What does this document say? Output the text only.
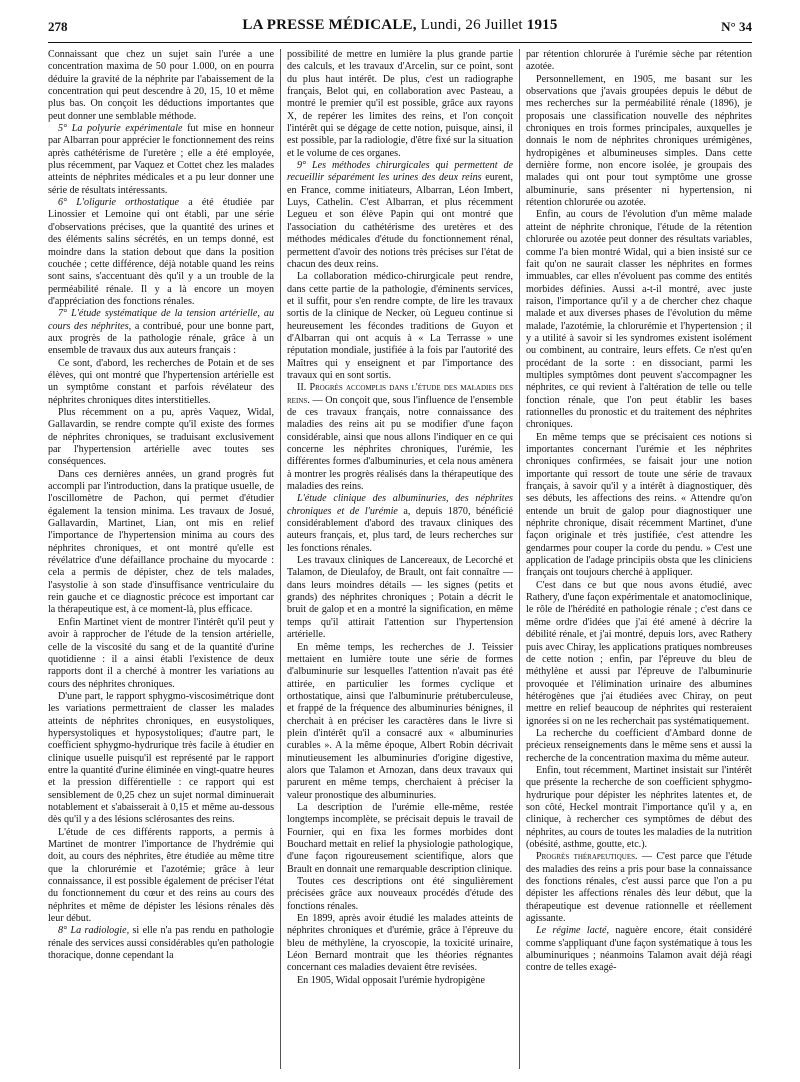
278	LA PRESSE MÉDICALE, Lundi, 26 Juillet 1915	N° 34

Connaissant que chez un sujet sain l'urée a une concentration maxima de 50 pour 1.000, on en pourra déduire la gravité de la néphrite par l'abaissement de la concentration qui peut descendre à 20, 15, 10 et même plus bas. On conçoit les déductions importantes que peut donner une semblable méthode.

5° La polyurie expérimentale fut mise en honneur par Albarran pour apprécier le fonctionnement des reins après cathétérisme de l'uretère ; elle a été employée, plus récemment, par Vaquez et Cottet chez les malades atteints de néphrites médicales et a pu leur donner une série de résultats intéressants.

6° L'oligurie orthostatique a été étudiée par Linossier et Lemoine qui ont établi, par une série d'observations précises, que la quantité des urines et des éléments salins sécrétés, en un temps donné, est moindre dans la station debout que dans la position couchée ; cette différence, déjà notable quand les reins sont sains, s'accentuant dès qu'il y a un trouble de la perméabilité rénale. Il y a là encore un moyen d'appréciation des fonctions rénales.

7° L'étude systématique de la tension artérielle, au cours des néphrites, a contribué, pour une bonne part, aux progrès de la pathologie rénale, grâce à un ensemble de travaux dus aux auteurs français :

Ce sont, d'abord, les recherches de Potain et de ses élèves, qui ont montré que l'hypertension artérielle est un symptôme constant et parfois révélateur des néphrites chroniques dites interstitielles.

Plus récemment on a pu, après Vaquez, Widal, Gallavardin, se rendre compte qu'il existe des formes de néphrites chroniques, se traduisant exclusivement par l'hypertension artérielle avec toutes ses conséquences.

Dans ces dernières années, un grand progrès fut accompli par l'introduction, dans la pratique usuelle, de l'oscillomètre de Pachon, qui permet d'étudier également la tension minima. Les travaux de Josué, Gallavardin, Martinet, Lian, ont mis en relief l'importance de l'hypertension minima au cours des néphrites chroniques, et ont montré qu'elle est révélatrice d'une défaillance prochaine du myocarde : cela a permis de dépister, chez de tels malades, l'asystolie à son stade d'insuffisance ventriculaire du rein gauche et ce diagnostic précoce est important car la thérapeutique est, à ce moment-là, plus efficace.

Enfin Martinet vient de montrer l'intérêt qu'il peut y avoir à rapprocher de l'étude de la tension artérielle, celle de la viscosité du sang et de la quantité d'urine quotidienne : il a ainsi établi l'existence de deux rapports dont il a cherché à montrer les variations au cours des néphrites chroniques.

D'une part, le rapport sphygmo-viscosimétrique dont les variations permettraient de classer les malades atteints de néphrites chroniques, en eusystoliques, hypersystoliques et hyposystoliques; d'autre part, le coefficient sphygmo-hydrurique très facile à étudier en clinique usuelle puisqu'il est représenté par le rapport entre la quantité d'urine éliminée en vingt-quatre heures et la pression différentielle : ce rapport qui est sensiblement de 0,25 chez un sujet normal diminuerait notablement et s'abaisserait à 0,15 et même au-dessous dès qu'il y a des lésions sclérosantes des reins.

L'étude de ces différents rapports, a permis à Martinet de montrer l'importance de l'hydrémie qui doit, au cours des néphrites, être étudiée au même titre que la chlorurémie et l'azotémie; grâce à leur connaissance, il est possible également de préciser l'état du fonctionnement du cœur et des reins au cours des néphrites et même de dépister les lésions rénales dès leur début.

8° La radiologie, si elle n'a pas rendu en pathologie rénale des services aussi considérables qu'en pathologie thoracique, donne cependant la

possibilité de mettre en lumière la plus grande partie des calculs, et les travaux d'Arcelin, sur ce point, sont du plus haut intérêt. De plus, c'est un radiographe français, Belot qui, en collaboration avec Pasteau, a montré le premier qu'il est possible, grâce aux rayons X, de repérer les limites des reins, et l'on conçoit l'intérêt qui se dégage de cette notion, puisque, ainsi, il est possible, par la radiologie, d'être fixé sur la situation et le volume de ces organes.

9° Les méthodes chirurgicales qui permettent de recueillir séparément les urines des deux reins eurent, en France, comme initiateurs, Albarran, Léon Imbert, Luys, Cathelin. C'est Albarran, et plus récemment Legueu et son élève Papin qui ont montré que l'association du cathétérisme des uretères et des méthodes médicales d'étude du fonctionnement rénal, permettent d'avoir des notions très précises sur l'état de chacun des deux reins.

La collaboration médico-chirurgicale peut rendre, dans cette partie de la pathologie, d'éminents services, et il suffit, pour s'en rendre compte, de lire les travaux sortis de la clinique de Necker, où Legueu continue si heureusement les fécondes traditions de Guyon et d'Albarran qui ont acquis à « La Terrasse » une réputation mondiale, justifiée à la fois par l'autorité des Maîtres qui y enseignent et par l'importance des travaux qui en sont sortis.

II. Progrès accomplis dans l'étude des maladies des reins. — On conçoit que, sous l'influence de l'ensemble de ces travaux français, notre connaissance des maladies des reins ait pu se modifier d'une façon considérable, ainsi que nous allons l'indiquer en ce qui concerne les néphrites chroniques, l'urémie, les différentes formes d'albuminuries, et cela nous amènera à montrer les progrès réalisés dans la thérapeutique des maladies des reins.

L'étude clinique des albuminuries, des néphrites chroniques et de l'urémie a, depuis 1870, bénéficié considérablement d'abord des travaux cliniques des auteurs français, et, plus tard, de leurs recherches sur les fonctions rénales.

Les travaux cliniques de Lancereaux, de Lecorché et Talamon, de Dieulafoy, de Brault, ont fait connaître — dans leurs moindres détails — les signes (petits et grands) des néphrites chroniques ; Potain a décrit le bruit de galop et en a montré la signification, en même temps qu'il attirait l'attention sur l'hypertension artérielle.

En même temps, les recherches de J. Teissier mettaient en lumière toute une série de formes d'albuminurie sur lesquelles l'attention n'avait pas été attirée, en particulier les formes cyclique et orthostatique, ainsi que l'albuminurie prétuberculeuse, et frappé de la fréquence des albuminuries bénignes, il cherchait à en préciser les caractères dans le livre si plein d'intérêt qu'il a consacré aux « albuminuries curables ». A la même époque, Albert Robin décrivait minutieusement les albuminuries d'origine digestive, alors que Talamon et Arnozan, dans deux travaux qui parurent en même temps, cherchaient à préciser la valeur pronostique des albuminuries.

La description de l'urémie elle-même, restée longtemps incomplète, se précisait depuis le travail de Fournier, qui en fixa les formes morbides dont Bouchard mettait en relief la physiologie pathologique, d'une façon rigoureusement scientifique, alors que Brault en donnait une remarquable description clinique.

Toutes ces descriptions ont été singulièrement précisées grâce aux nouveaux procédés d'étude des fonctions rénales.

En 1899, après avoir étudié les malades atteints de néphrites chroniques et d'urémie, grâce à l'épreuve du bleu de méthylène, la cryoscopie, la toxicité urinaire, Léon Bernard montrait que les théories régnantes concernant ces maladies devaient être revisées.

En 1905, Widal opposait l'urémie hydropigène

par rétention chlorurée à l'urémie sèche par rétention azotée.

Personnellement, en 1905, me basant sur les observations que j'avais groupées depuis le début de mes recherches sur la perméabilité rénale (1896), je proposais une classification nouvelle des néphrites chroniques en trois formes principales, auxquelles je donnais le nom de néphrites chroniques urémigènes, hydropigènes et albumineuses simples. Dans cette dernière forme, non encore isolée, je groupais des malades qui ont pour tout symptôme une grosse albuminurie, sans présenter ni hypertension, ni rétention chlorurée ou azotée.

Enfin, au cours de l'évolution d'un même malade atteint de néphrite chronique, l'étude de la rétention chlorurée ou azotée peut donner des résultats variables, comme l'a bien montré Widal, qui a bien insisté sur ce fait qu'on ne saurait classer les néphrites en formes immuables, car elles n'évoluent pas comme des entités morbides définies. Aussi a-t-il montré, avec juste raison, l'importance qu'il y a de chercher chez chaque malade et aux diverses phases de l'évolution du même malade, l'azotémie, la chlorurémie et l'hypertension ; il y a utilité à savoir si les syndromes existent isolément ou combinent, au contraire, leurs effets. Ce n'est qu'en procédant de la sorte : en dissociant, parmi les multiples symptômes dont peuvent s'accompagner les néphrites, ce qui revient à l'altération de telle ou telle fonction rénale, que l'on peut établir les bases rationnelles du pronostic et du traitement des néphrites chroniques.

En même temps que se précisaient ces notions si importantes concernant l'urémie et les néphrites chroniques confirmées, se faisait jour une notion importante qui ressort de toute une série de travaux français, à savoir qu'il y a intérêt à diagnostiquer, dès ses débuts, les affections des reins. « Attendre qu'on entende un bruit de galop pour diagnostiquer une néphrite chronique, disait récemment Martinet, d'une façon originale et très justifiée, c'est attendre les gendarmes pour couper la corde du pendu. » C'est une application de l'adage principiis obsta que les cliniciens français ont toujours cherché à appliquer.

C'est dans ce but que nous avons étudié, avec Rathery, d'une façon expérimentale et anatomoclinique, le rôle de l'hérédité en pathologie rénale ; c'est dans ce même ordre d'idées que j'ai été amené à décrire la débilité rénale, et j'ai montré, depuis lors, avec Rathery puis avec Chiray, les applications pratiques nombreuses de cette notion ; enfin, par l'épreuve du bleu de méthylène et aussi par l'épreuve de l'albuminurie provoquée et l'élimination urinaire des albumines hétérogènes que j'ai étudiées avec Chiray, on peut mettre en relief beaucoup de néphrites qui resteraient ignorées si on ne les recherchait pas systématiquement.

La recherche du coefficient d'Ambard donne de précieux renseignements dans le même sens et aussi la recherche de la concentration maxima du même auteur.

Enfin, tout récemment, Martinet insistait sur l'intérêt que présente la recherche de son coefficient sphygmo-hydrurique pour dépister les néphrites latentes et, de son côté, Heckel montrait l'importance qu'il y a, en clinique, à rechercher ces symptômes de début des néphrites, au cours de toutes les maladies de la nutrition (obésité, asthme, goutte, etc.).

Progrès thérapeutiques. — C'est parce que l'étude des maladies des reins a pris pour base la connaissance des fonctions rénales, c'est aussi parce que l'on a pu dépister les affections rénales dès leur début, que la thérapeutique est devenue rationnelle et réellement agissante.

Le régime lacté, naguère encore, était considéré comme s'appliquant d'une façon systématique à tous les albuminuriques ; néanmoins Talamon avait déjà réagi contre de telles exagé-
